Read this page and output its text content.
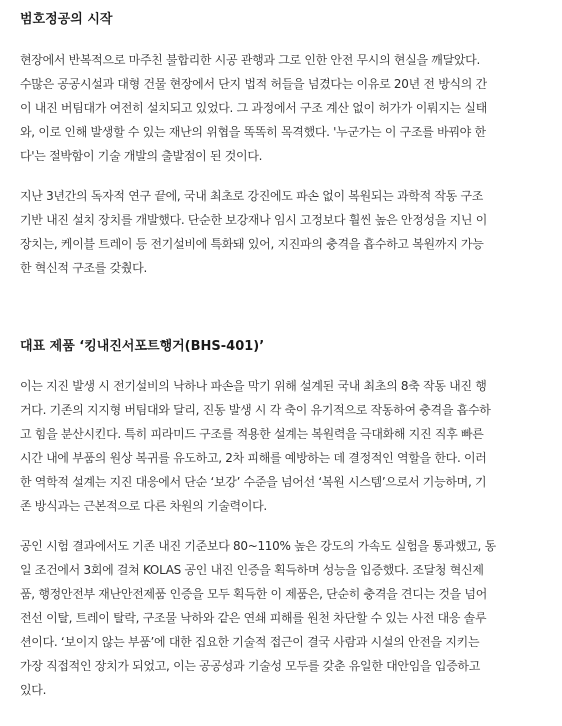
범호정공의 시작

현장에서 반복적으로 마주친 불합리한 시공 관행과 그로 인한 안전 무시의 현실을 깨달았다.
수많은 공공시설과 대형 건물 현장에서 단지 법적 허들을 넘겼다는 이유로 20년 전 방식의 간
이 내진 버팀대가 여전히 설치되고 있었다. 그 과정에서 구조 계산 없이 허가가 이뤄지는 실태
와, 이로 인해 발생할 수 있는 재난의 위협을 똑똑히 목격했다. '누군가는 이 구조를 바꿔야 한
다'는 절박함이 기술 개발의 출발점이 된 것이다.

지난 3년간의 독자적 연구 끝에, 국내 최초로 강진에도 파손 없이 복원되는 과학적 작동 구조
기반 내진 설치 장치를 개발했다. 단순한 보강재나 임시 고정보다 훨씬 높은 안정성을 지닌 이
장치는, 케이블 트레이 등 전기설비에 특화돼 있어, 지진파의 충격을 흡수하고 복원까지 가능
한 혁신적 구조를 갖췄다.

대표 제품 ‘킹내진서포트행거(BHS-401)’

이는 지진 발생 시 전기설비의 낙하나 파손을 막기 위해 설계된 국내 최초의 8축 작동 내진 행
거다. 기존의 지지형 버팀대와 달리, 진동 발생 시 각 축이 유기적으로 작동하여 충격을 흡수하
고 힘을 분산시킨다. 특히 피라미드 구조를 적용한 설계는 복원력을 극대화해 지진 직후 빠른
시간 내에 부품의 원상 복귀를 유도하고, 2차 피해를 예방하는 데 결정적인 역할을 한다. 이러
한 역학적 설계는 지진 대응에서 단순 ‘보강’ 수준을 넘어선 ‘복원 시스템’으로서 기능하며, 기
존 방식과는 근본적으로 다른 차원의 기술력이다.

공인 시험 결과에서도 기존 내진 기준보다 80~110% 높은 강도의 가속도 실험을 통과했고, 동
일 조건에서 3회에 걸쳐 KOLAS 공인 내진 인증을 획득하며 성능을 입증했다. 조달청 혁신제
품, 행정안전부 재난안전제품 인증을 모두 획득한 이 제품은, 단순히 충격을 견디는 것을 넘어
전선 이탈, 트레이 탈락, 구조물 낙하와 같은 연쇄 피해를 원천 차단할 수 있는 사전 대응 솔루
션이다. ‘보이지 않는 부품’에 대한 집요한 기술적 접근이 결국 사람과 시설의 안전을 지키는
가장 직접적인 장치가 되었고, 이는 공공성과 기술성 모두를 갖춘 유일한 대안임을 입증하고
있다.
